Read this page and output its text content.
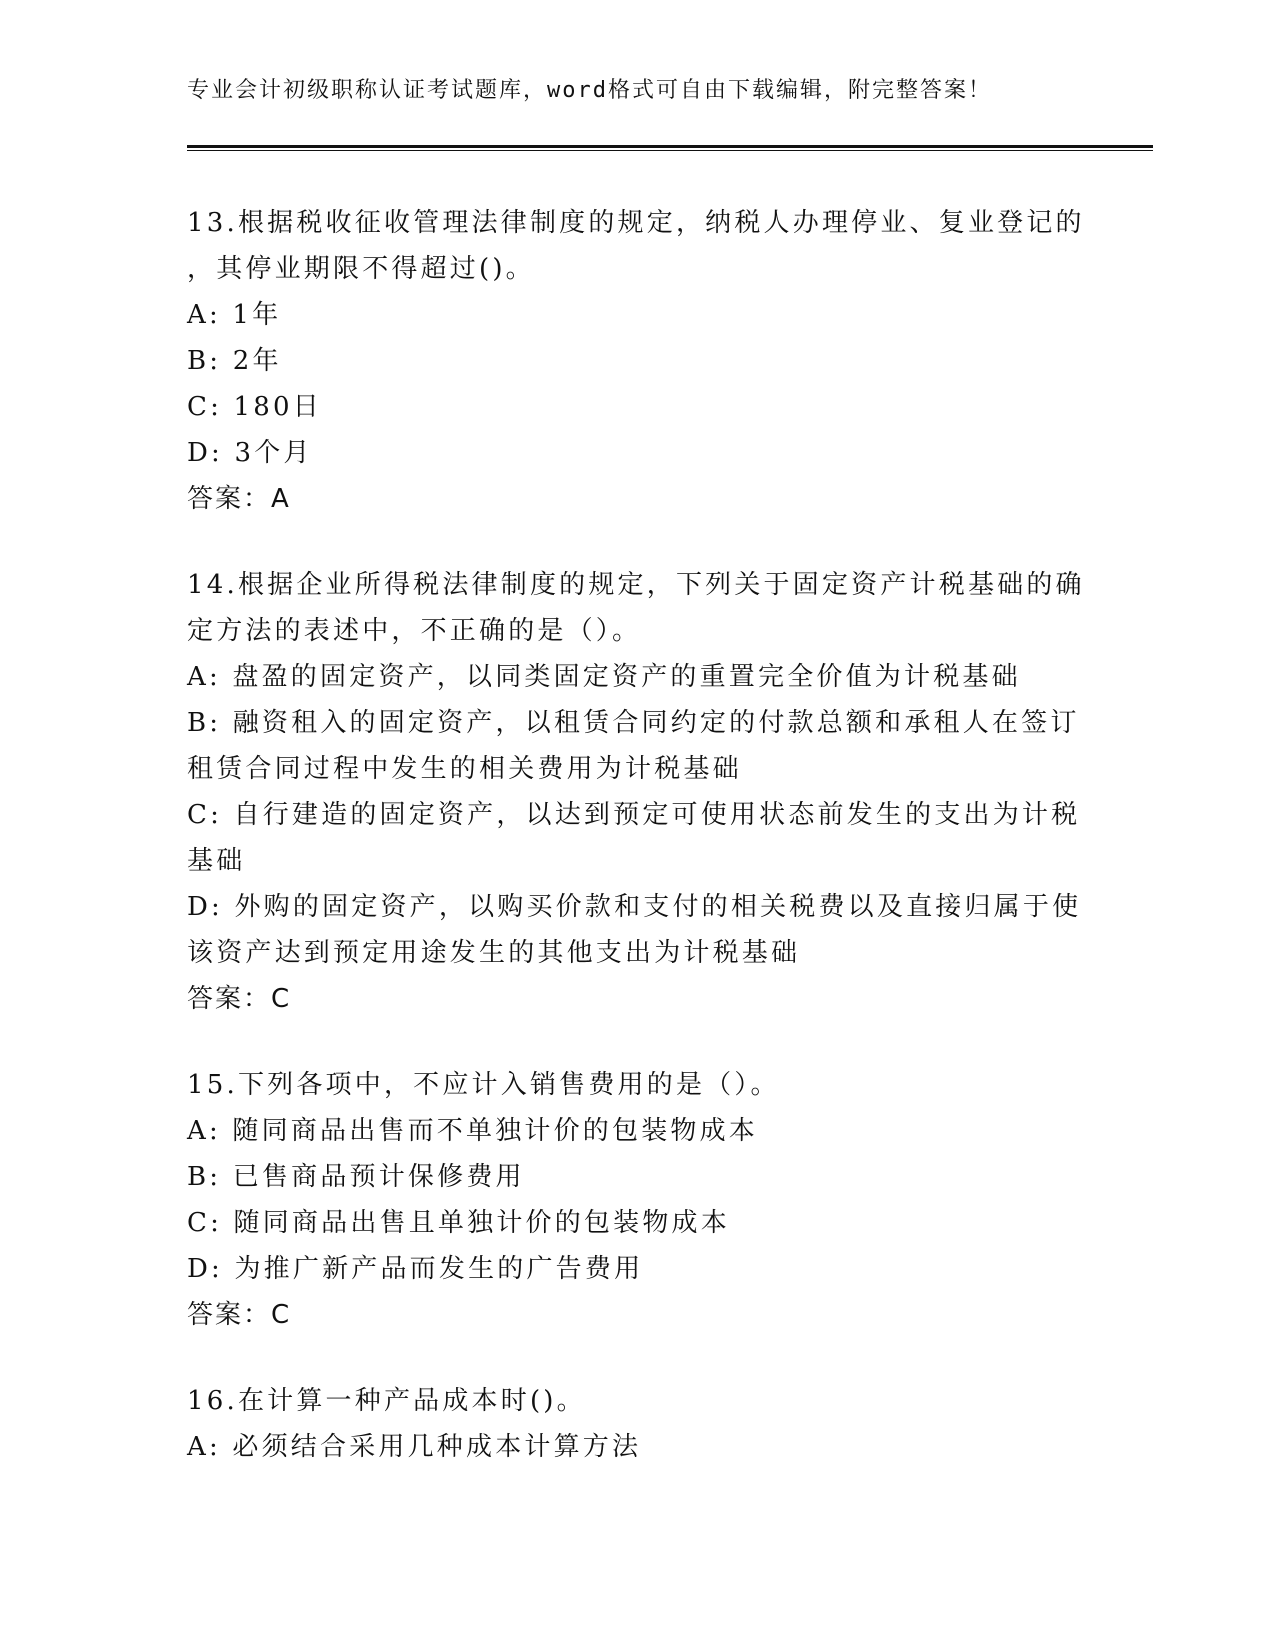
专业会计初级职称认证考试题库，word格式可自由下载编辑，附完整答案！

13.根据税收征收管理法律制度的规定，纳税人办理停业、复业登记的

，其停业期限不得超过()。

A: 1年

B: 2年

C: 180日

D: 3个月

答案：A

14.根据企业所得税法律制度的规定，下列关于固定资产计税基础的确

定方法的表述中，不正确的是（）。

A: 盘盈的固定资产，以同类固定资产的重置完全价值为计税基础

B: 融资租入的固定资产，以租赁合同约定的付款总额和承租人在签订

租赁合同过程中发生的相关费用为计税基础

C: 自行建造的固定资产，以达到预定可使用状态前发生的支出为计税

基础

D: 外购的固定资产，以购买价款和支付的相关税费以及直接归属于使

该资产达到预定用途发生的其他支出为计税基础

答案：C

15.下列各项中，不应计入销售费用的是（）。

A: 随同商品出售而不单独计价的包装物成本

B: 已售商品预计保修费用

C: 随同商品出售且单独计价的包装物成本

D: 为推广新产品而发生的广告费用

答案：C

16.在计算一种产品成本时()。

A: 必须结合采用几种成本计算方法
